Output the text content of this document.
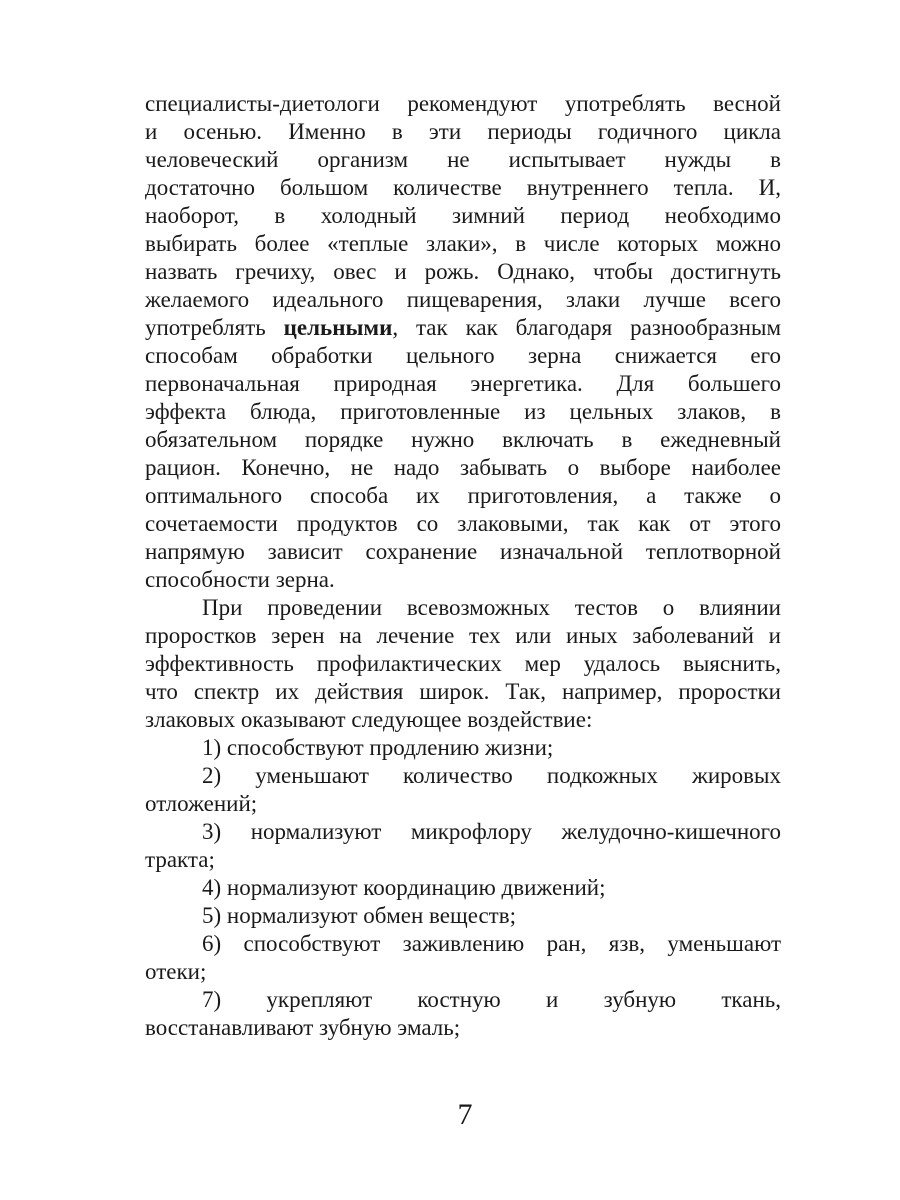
специалисты-диетологи рекомендуют употреблять весной
и осенью. Именно в эти периоды годичного цикла
человеческий организм не испытывает нужды в
достаточно большом количестве внутреннего тепла. И,
наоборот, в холодный зимний период необходимо
выбирать более «теплые злаки», в числе которых можно
назвать гречиху, овес и рожь. Однако, чтобы достигнуть
желаемого идеального пищеварения, злаки лучше всего
употреблять цельными, так как благодаря разнообразным
способам обработки цельного зерна снижается его
первоначальная природная энергетика. Для большего
эффекта блюда, приготовленные из цельных злаков, в
обязательном порядке нужно включать в ежедневный
рацион. Конечно, не надо забывать о выборе наиболее
оптимального способа их приготовления, а также о
сочетаемости продуктов со злаковыми, так как от этого
напрямую зависит сохранение изначальной теплотворной
способности зерна.
При проведении всевозможных тестов о влиянии
проростков зерен на лечение тех или иных заболеваний и
эффективность профилактических мер удалось выяснить,
что спектр их действия широк. Так, например, проростки
злаковых оказывают следующее воздействие:
1) способствуют продлению жизни;
2) уменьшают количество подкожных жировых
отложений;
3) нормализуют микрофлору желудочно-кишечного
тракта;
4) нормализуют координацию движений;
5) нормализуют обмен веществ;
6) способствуют заживлению ран, язв, уменьшают
отеки;
7) укрепляют костную и зубную ткань,
восстанавливают зубную эмаль;
7
